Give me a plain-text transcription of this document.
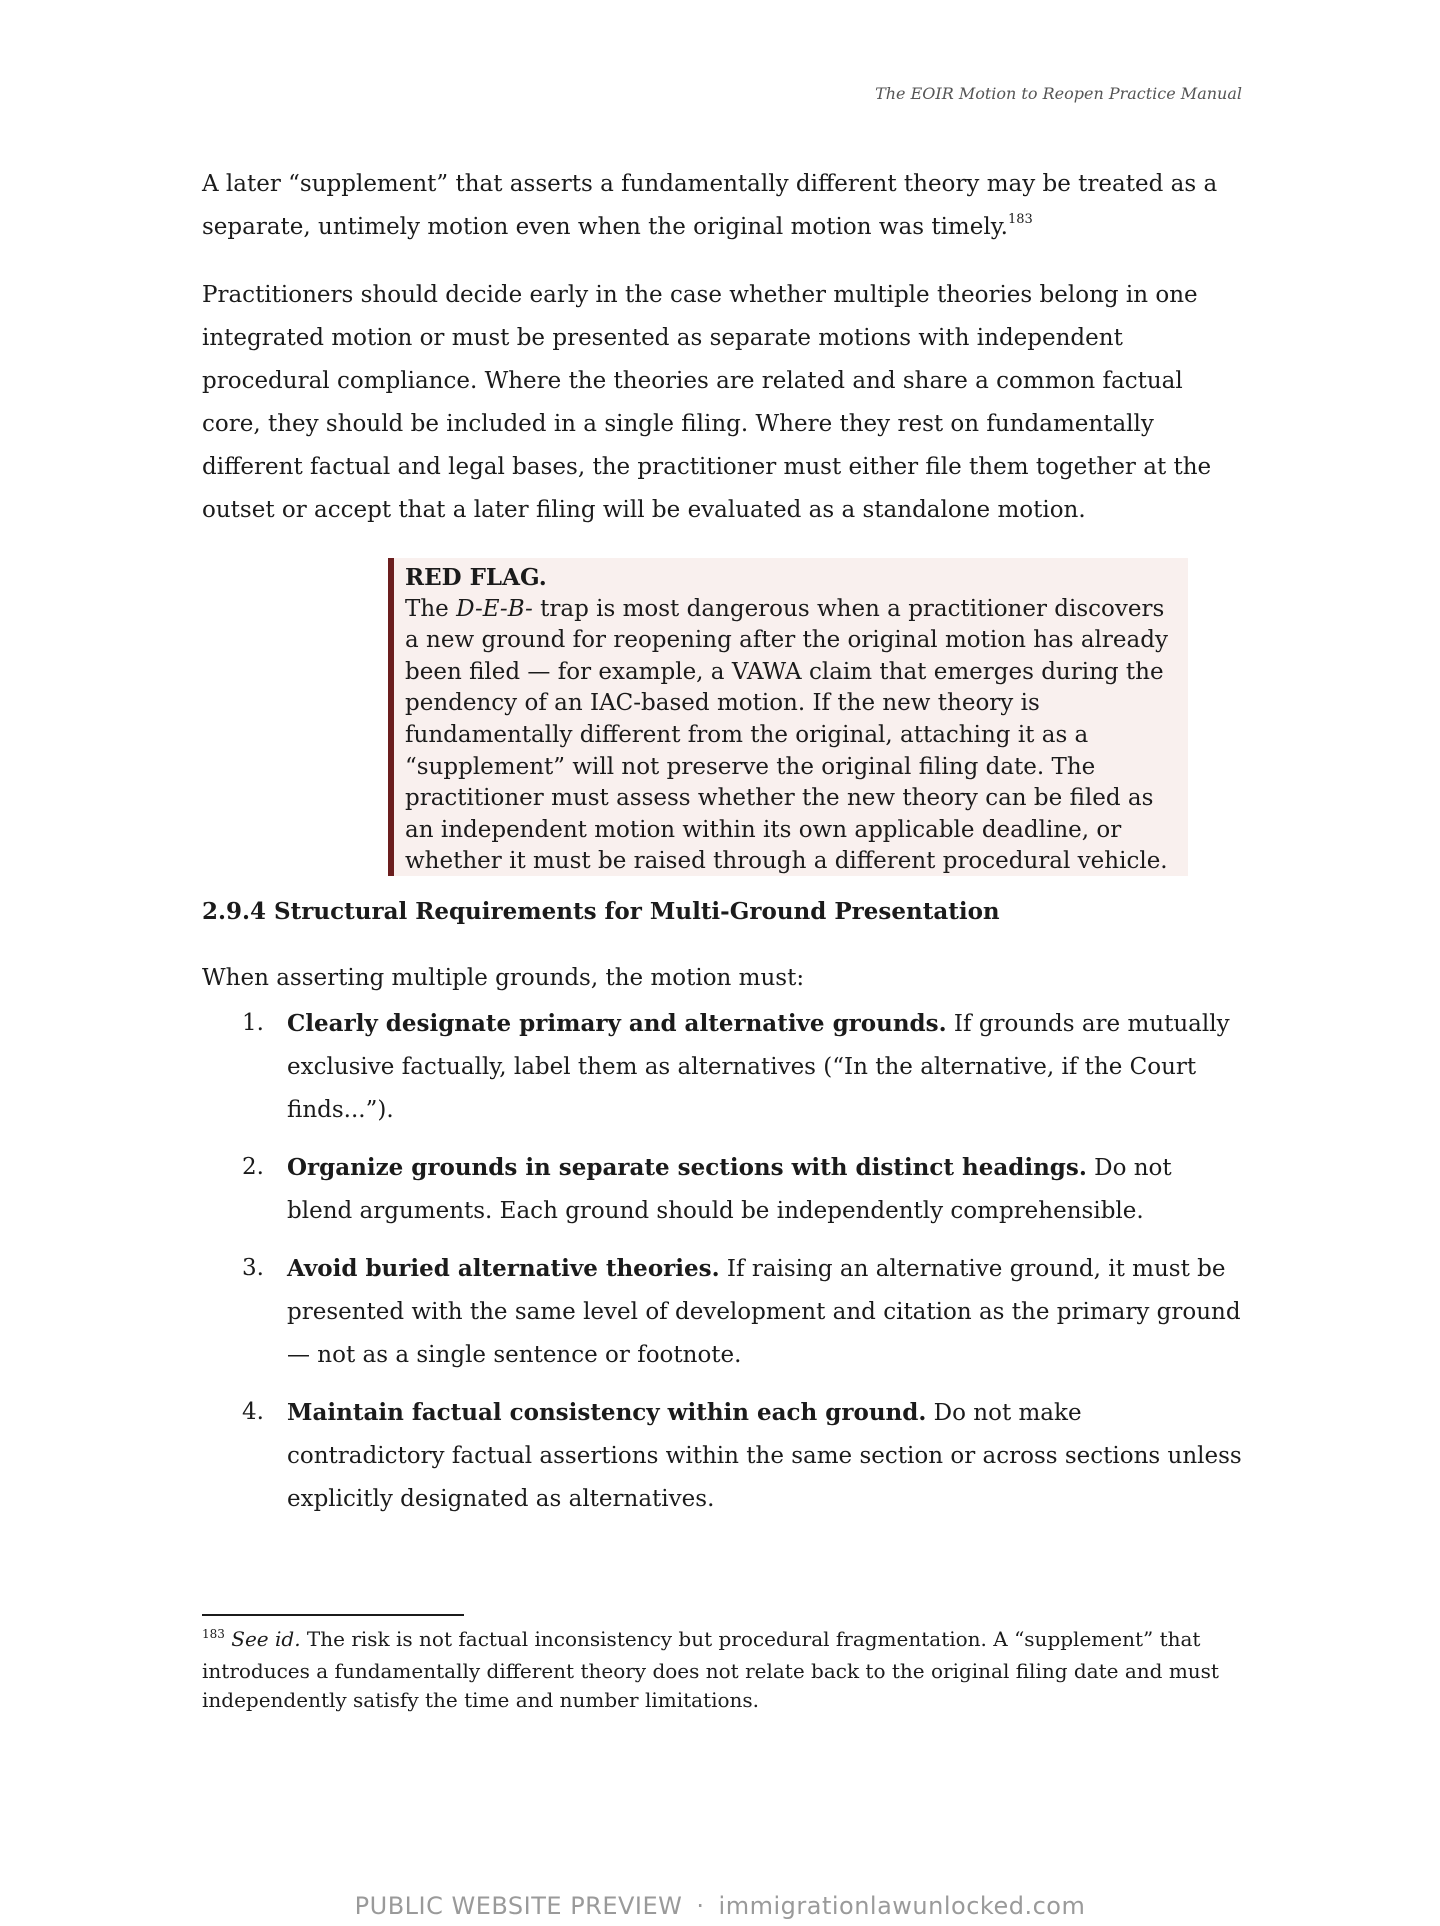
The EOIR Motion to Reopen Practice Manual
A later “supplement” that asserts a fundamentally different theory may be treated as a separate, untimely motion even when the original motion was timely.$^{183}$
Practitioners should decide early in the case whether multiple theories belong in one integrated motion or must be presented as separate motions with independent procedural compliance. Where the theories are related and share a common factual core, they should be included in a single filing. Where they rest on fundamentally different factual and legal bases, the practitioner must either file them together at the outset or accept that a later filing will be evaluated as a standalone motion.
RED FLAG.
The D-E-B- trap is most dangerous when a practitioner discovers a new ground for reopening after the original motion has already been filed — for example, a VAWA claim that emerges during the pendency of an IAC-based motion. If the new theory is fundamentally different from the original, attaching it as a “supplement” will not preserve the original filing date. The practitioner must assess whether the new theory can be filed as an independent motion within its own applicable deadline, or whether it must be raised through a different procedural vehicle.
2.9.4 Structural Requirements for Multi-Ground Presentation
When asserting multiple grounds, the motion must:
1. Clearly designate primary and alternative grounds. If grounds are mutually exclusive factually, label them as alternatives (“In the alternative, if the Court finds...”).
2. Organize grounds in separate sections with distinct headings. Do not blend arguments. Each ground should be independently comprehensible.
3. Avoid buried alternative theories. If raising an alternative ground, it must be presented with the same level of development and citation as the primary ground — not as a single sentence or footnote.
4. Maintain factual consistency within each ground. Do not make contradictory factual assertions within the same section or across sections unless explicitly designated as alternatives.
$^{183}$ See id. The risk is not factual inconsistency but procedural fragmentation. A “supplement” that introduces a fundamentally different theory does not relate back to the original filing date and must independently satisfy the time and number limitations.
PUBLIC WEBSITE PREVIEW · immigrationlawunlocked.com
